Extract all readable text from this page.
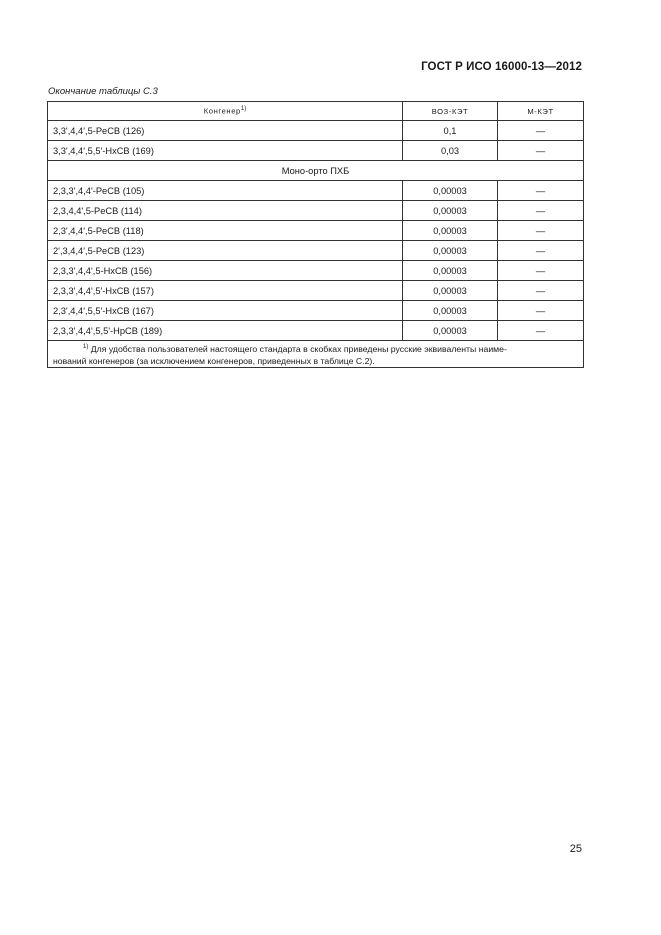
ГОСТ Р ИСО 16000-13—2012
Окончание таблицы С.3
Конгенер$^{1)}$	ВОЗ-КЭТ	М-КЭТ
3,3',4,4',5-PeCB (126)	0,1	—
3,3',4,4',5,5'-HxCB (169)	0,03	—
Моно-орто ПХБ		
2,3,3',4,4'-PeCB (105)	0,00003	—
2,3,4,4',5-PeCB (114)	0,00003	—
2,3',4,4',5-PeCB (118)	0,00003	—
2',3,4,4',5-PeCB (123)	0,00003	—
2,3,3',4,4',5-HxCB (156)	0,00003	—
2,3,3',4,4',5'-HxCB (157)	0,00003	—
2,3',4,4',5,5'-HxCB (167)	0,00003	—
2,3,3',4,4',5,5'-HpCB (189)	0,00003	—

$^{1)}$ Для удобства пользователей настоящего стандарта в скобках приведены русские эквиваленты наиме-
нований конгенеров (за исключением конгенеров, приведенных в таблице С.2).		
25
